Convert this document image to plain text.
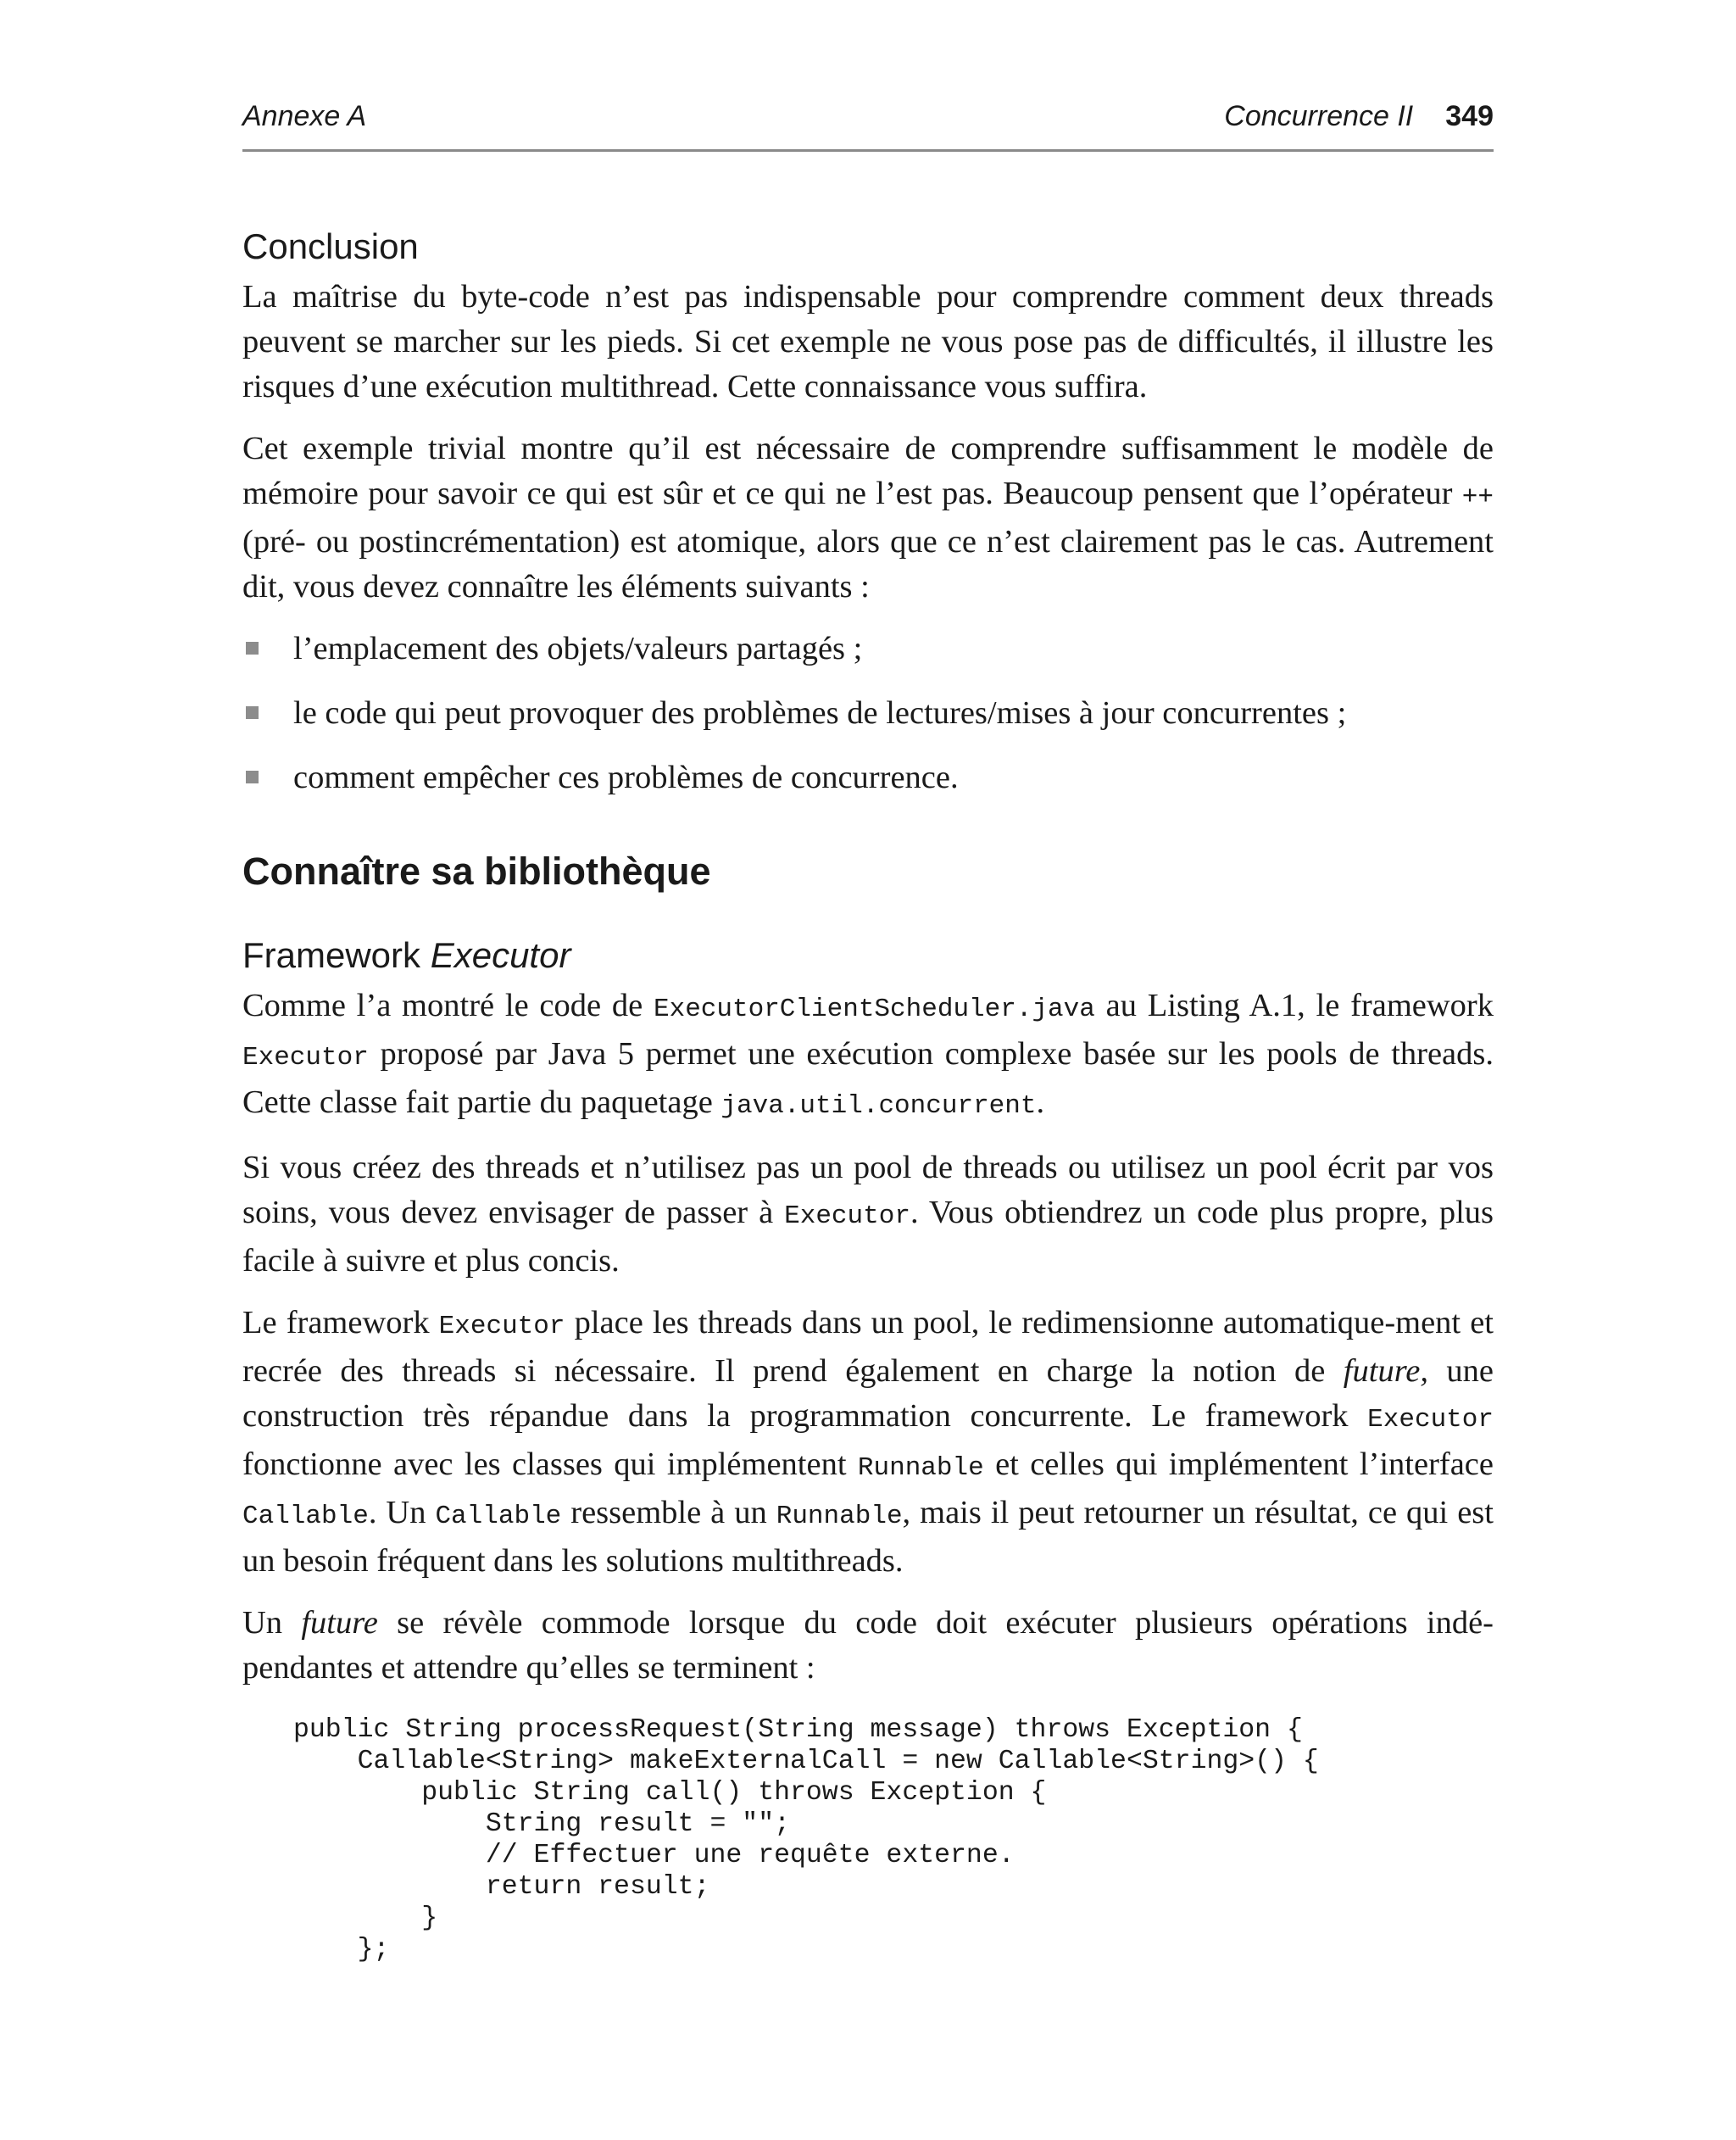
Annexe A	Concurrence II 349
Conclusion

La maîtrise du byte-code n’est pas indispensable pour comprendre comment deux threads peuvent se marcher sur les pieds. Si cet exemple ne vous pose pas de difficultés, il illustre les risques d’une exécution multithread. Cette connaissance vous suffira.

Cet exemple trivial montre qu’il est nécessaire de comprendre suffisamment le modèle de mémoire pour savoir ce qui est sûr et ce qui ne l’est pas. Beaucoup pensent que l’opérateur ++ (pré- ou postincrémentation) est atomique, alors que ce n’est clairement pas le cas. Autrement dit, vous devez connaître les éléments suivants :

l’emplacement des objets/valeurs partagés ;
le code qui peut provoquer des problèmes de lectures/mises à jour concurrentes ;
comment empêcher ces problèmes de concurrence.
Connaître sa bibliothèque
Framework Executor

Comme l’a montré le code de ExecutorClientScheduler.java au Listing A.1, le framework Executor proposé par Java 5 permet une exécution complexe basée sur les pools de threads. Cette classe fait partie du paquetage java.util.concurrent.

Si vous créez des threads et n’utilisez pas un pool de threads ou utilisez un pool écrit par vos soins, vous devez envisager de passer à Executor. Vous obtiendrez un code plus propre, plus facile à suivre et plus concis.

Le framework Executor place les threads dans un pool, le redimensionne automatique-ment et recrée des threads si nécessaire. Il prend également en charge la notion de future, une construction très répandue dans la programmation concurrente. Le framework Executor fonctionne avec les classes qui implémentent Runnable et celles qui implémentent l’interface Callable. Un Callable ressemble à un Runnable, mais il peut retourner un résultat, ce qui est un besoin fréquent dans les solutions multithreads.

Un future se révèle commode lorsque du code doit exécuter plusieurs opérations indé-pendantes et attendre qu’elles se terminent :

public String processRequest(String message) throws Exception {
Callable<String> makeExternalCall = new Callable<String>() {
public String call() throws Exception {
String result = "";
// Effectuer une requête externe.
return result;
}
};
